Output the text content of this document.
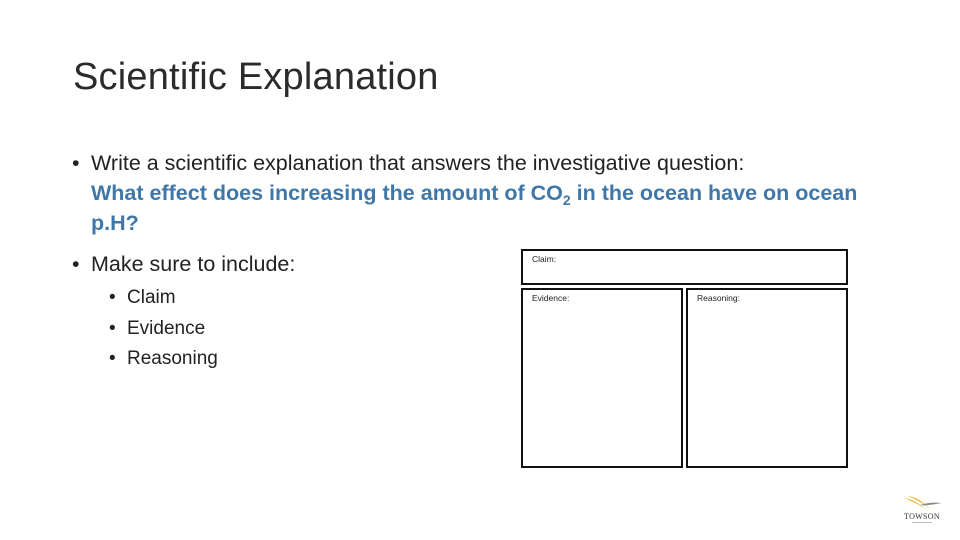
Scientific Explanation
• Write a scientific explanation that answers the investigative question:
What effect does increasing the amount of $CO_2$ in the ocean have on ocean p.H?
• Make sure to include:
• Claim
• Evidence
• Reasoning
Claim:
Evidence:	Reasoning:
TOWSON
